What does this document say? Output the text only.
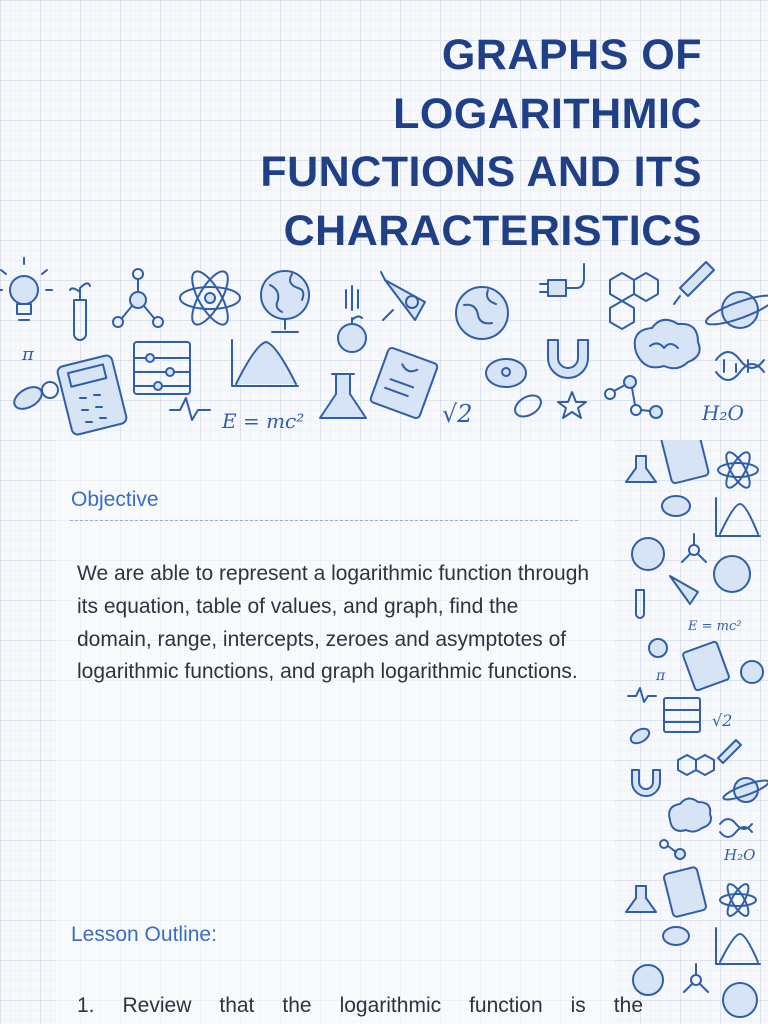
GRAPHS OF
LOGARITHMIC
FUNCTIONS AND ITS
CHARACTERISTICS
π
E = mc²	√2	H₂O
E = mc²
π
√2
H₂O
Objective
We are able to represent a logarithmic function through its equation, table of values, and graph, find the domain, range, intercepts, zeroes and asymptotes of logarithmic functions, and graph logarithmic functions.
Lesson Outline:
1. Review that the logarithmic function is the
